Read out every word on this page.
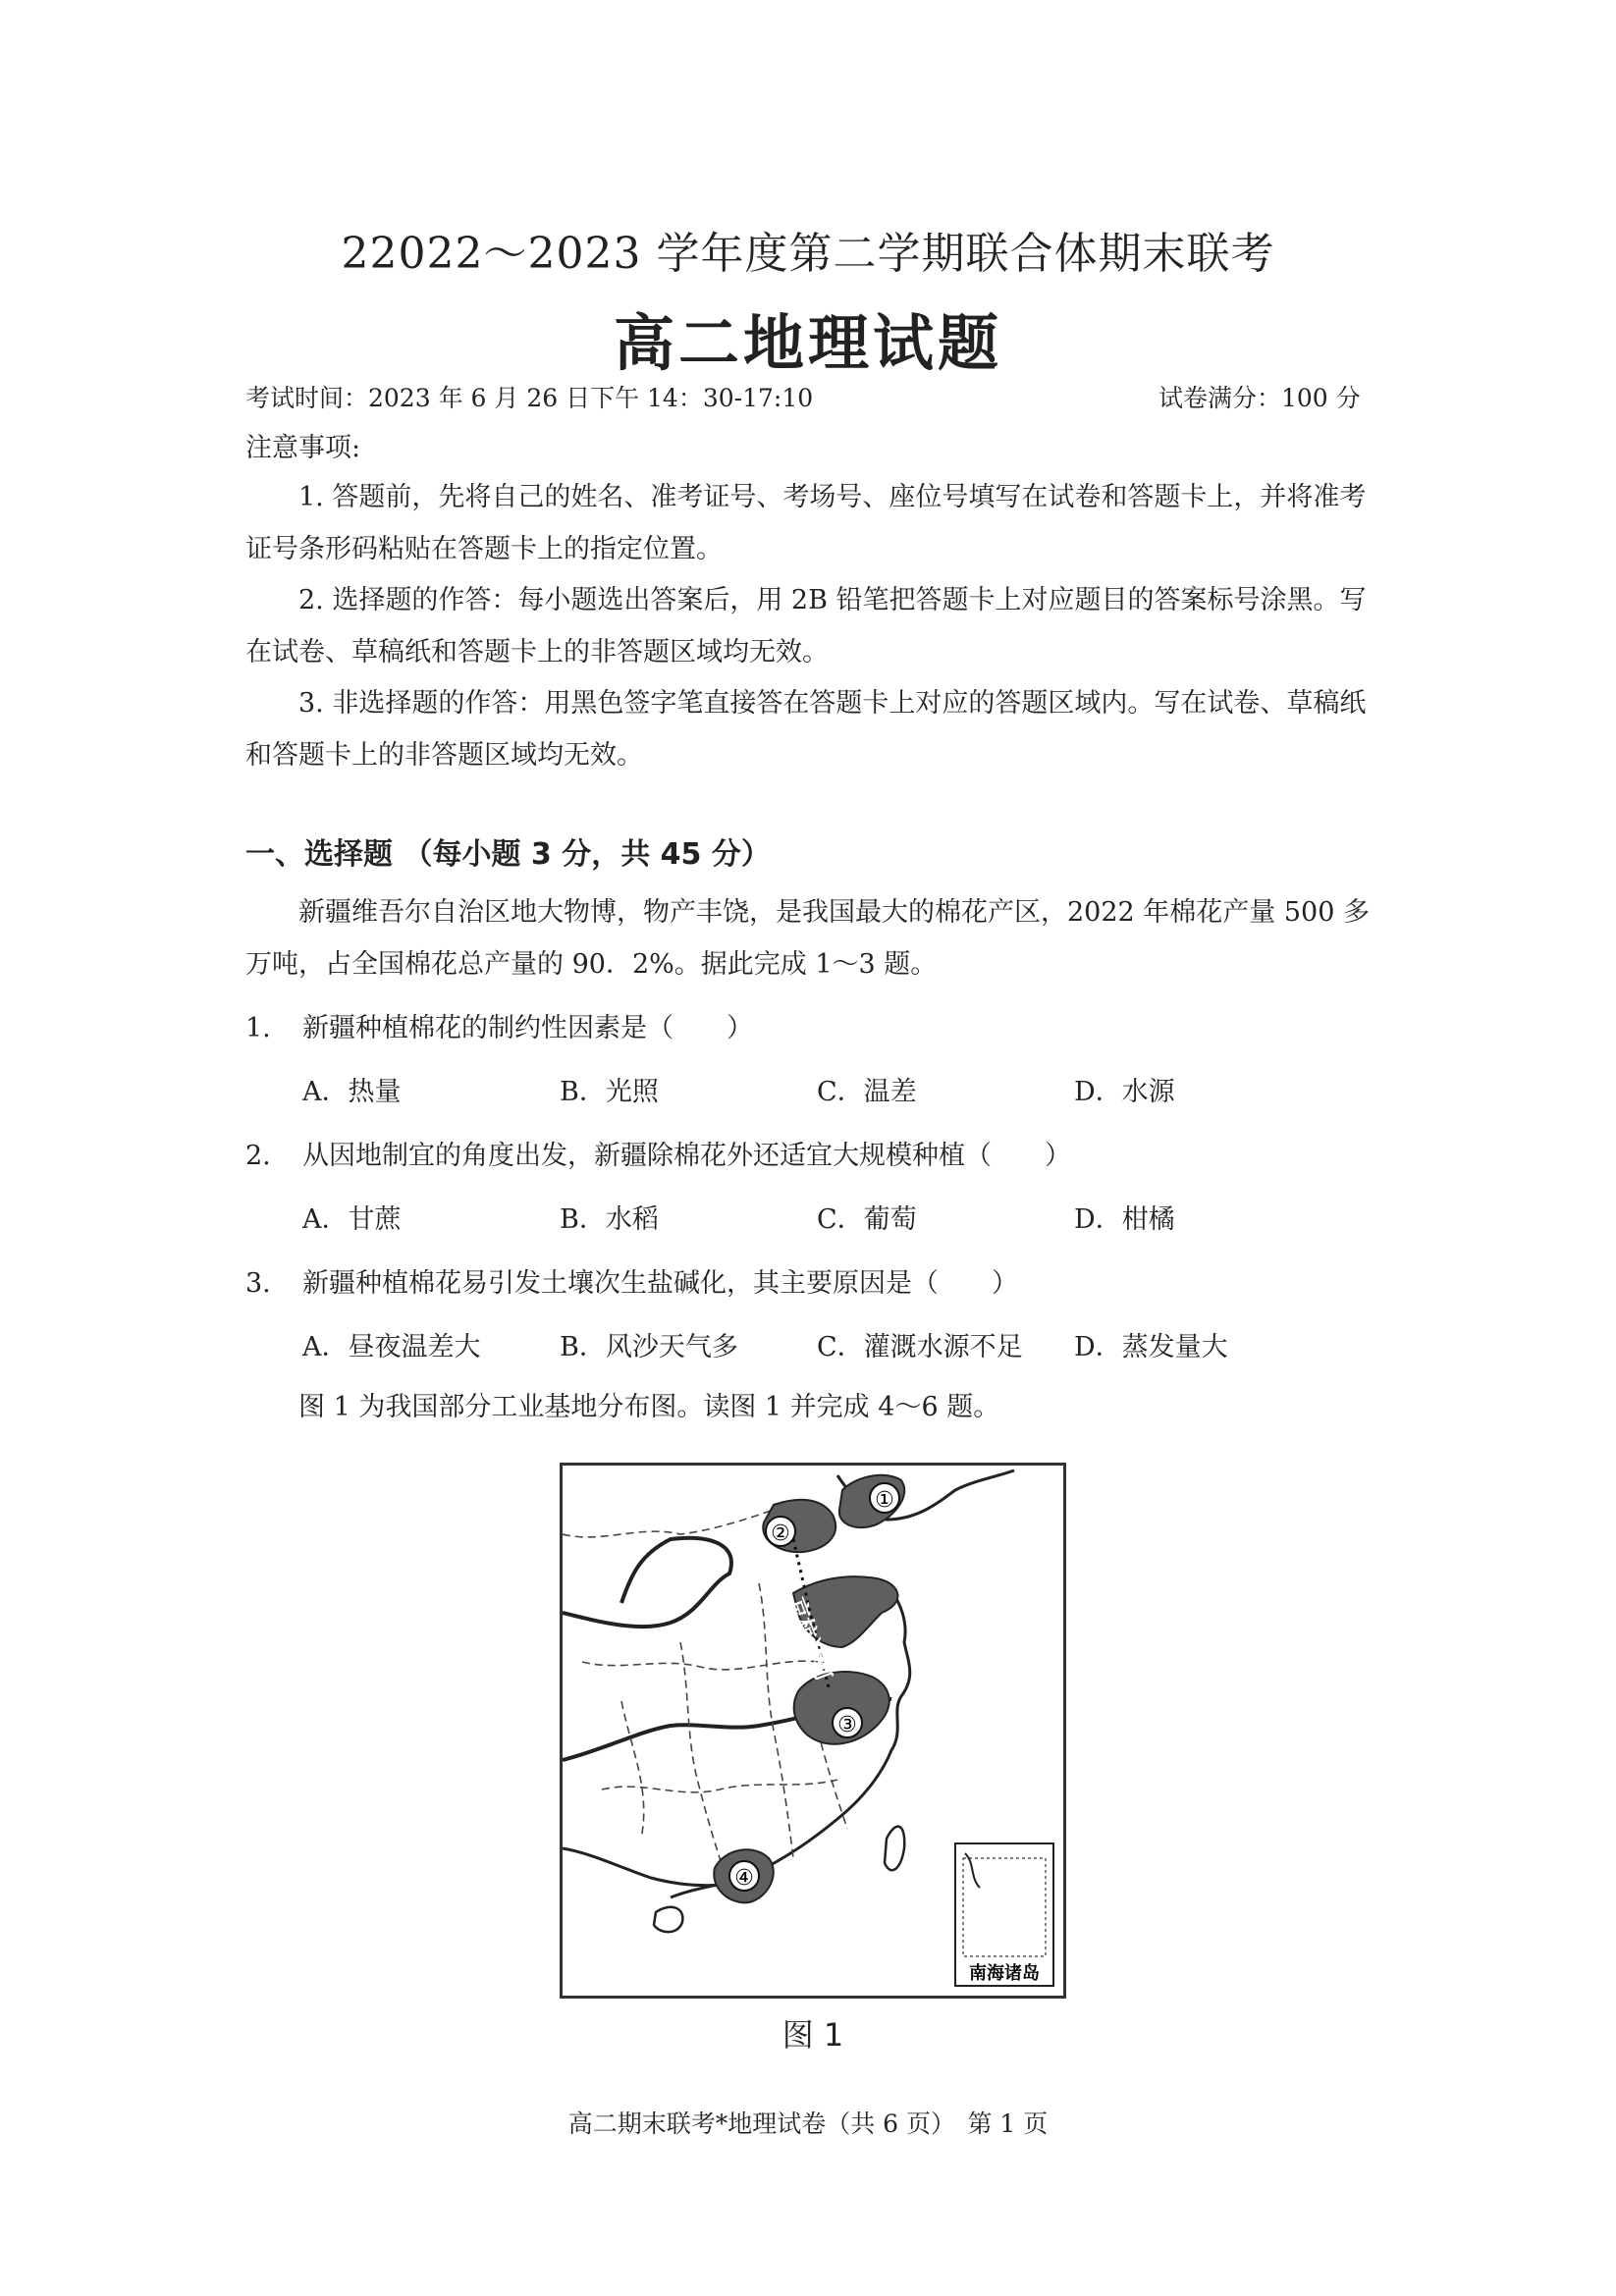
22022～2023 学年度第二学期联合体期末联考
高二地理试题
考试时间：2023 年 6 月 26 日下午 14：30-17:10	试卷满分：100 分
注意事项:
1. 答题前，先将自己的姓名、准考证号、考场号、座位号填写在试卷和答题卡上，并将准考证号条形码粘贴在答题卡上的指定位置。
2. 选择题的作答：每小题选出答案后，用 2B 铅笔把答题卡上对应题目的答案标号涂黑。写在试卷、草稿纸和答题卡上的非答题区域均无效。
3. 非选择题的作答：用黑色签字笔直接答在答题卡上对应的答题区域内。写在试卷、草稿纸和答题卡上的非答题区域均无效。
一、选择题 （每小题 3 分，共 45 分）
新疆维吾尔自治区地大物博，物产丰饶，是我国最大的棉花产区，2022 年棉花产量 500 多万吨，占全国棉花总产量的 90．2%。据此完成 1～3 题。
1. 新疆种植棉花的制约性因素是（　　）
A．热量	B．光照	C．温差	D．水源
2. 从因地制宜的角度出发，新疆除棉花外还适宜大规模种植（　　）
A．甘蔗	B．水稻	C．葡萄	D．柑橘
3. 新疆种植棉花易引发土壤次生盐碱化，其主要原因是（　　）
A．昼夜温差大	B．风沙天气多	C．灌溉水源不足 D．蒸发量大
图 1 为我国部分工业基地分布图。读图 1 并完成 4～6 题。
①
②
③
④
京杭运河
南海诸岛
图 1
高二期末联考*地理试卷（共 6 页）　第 1 页
